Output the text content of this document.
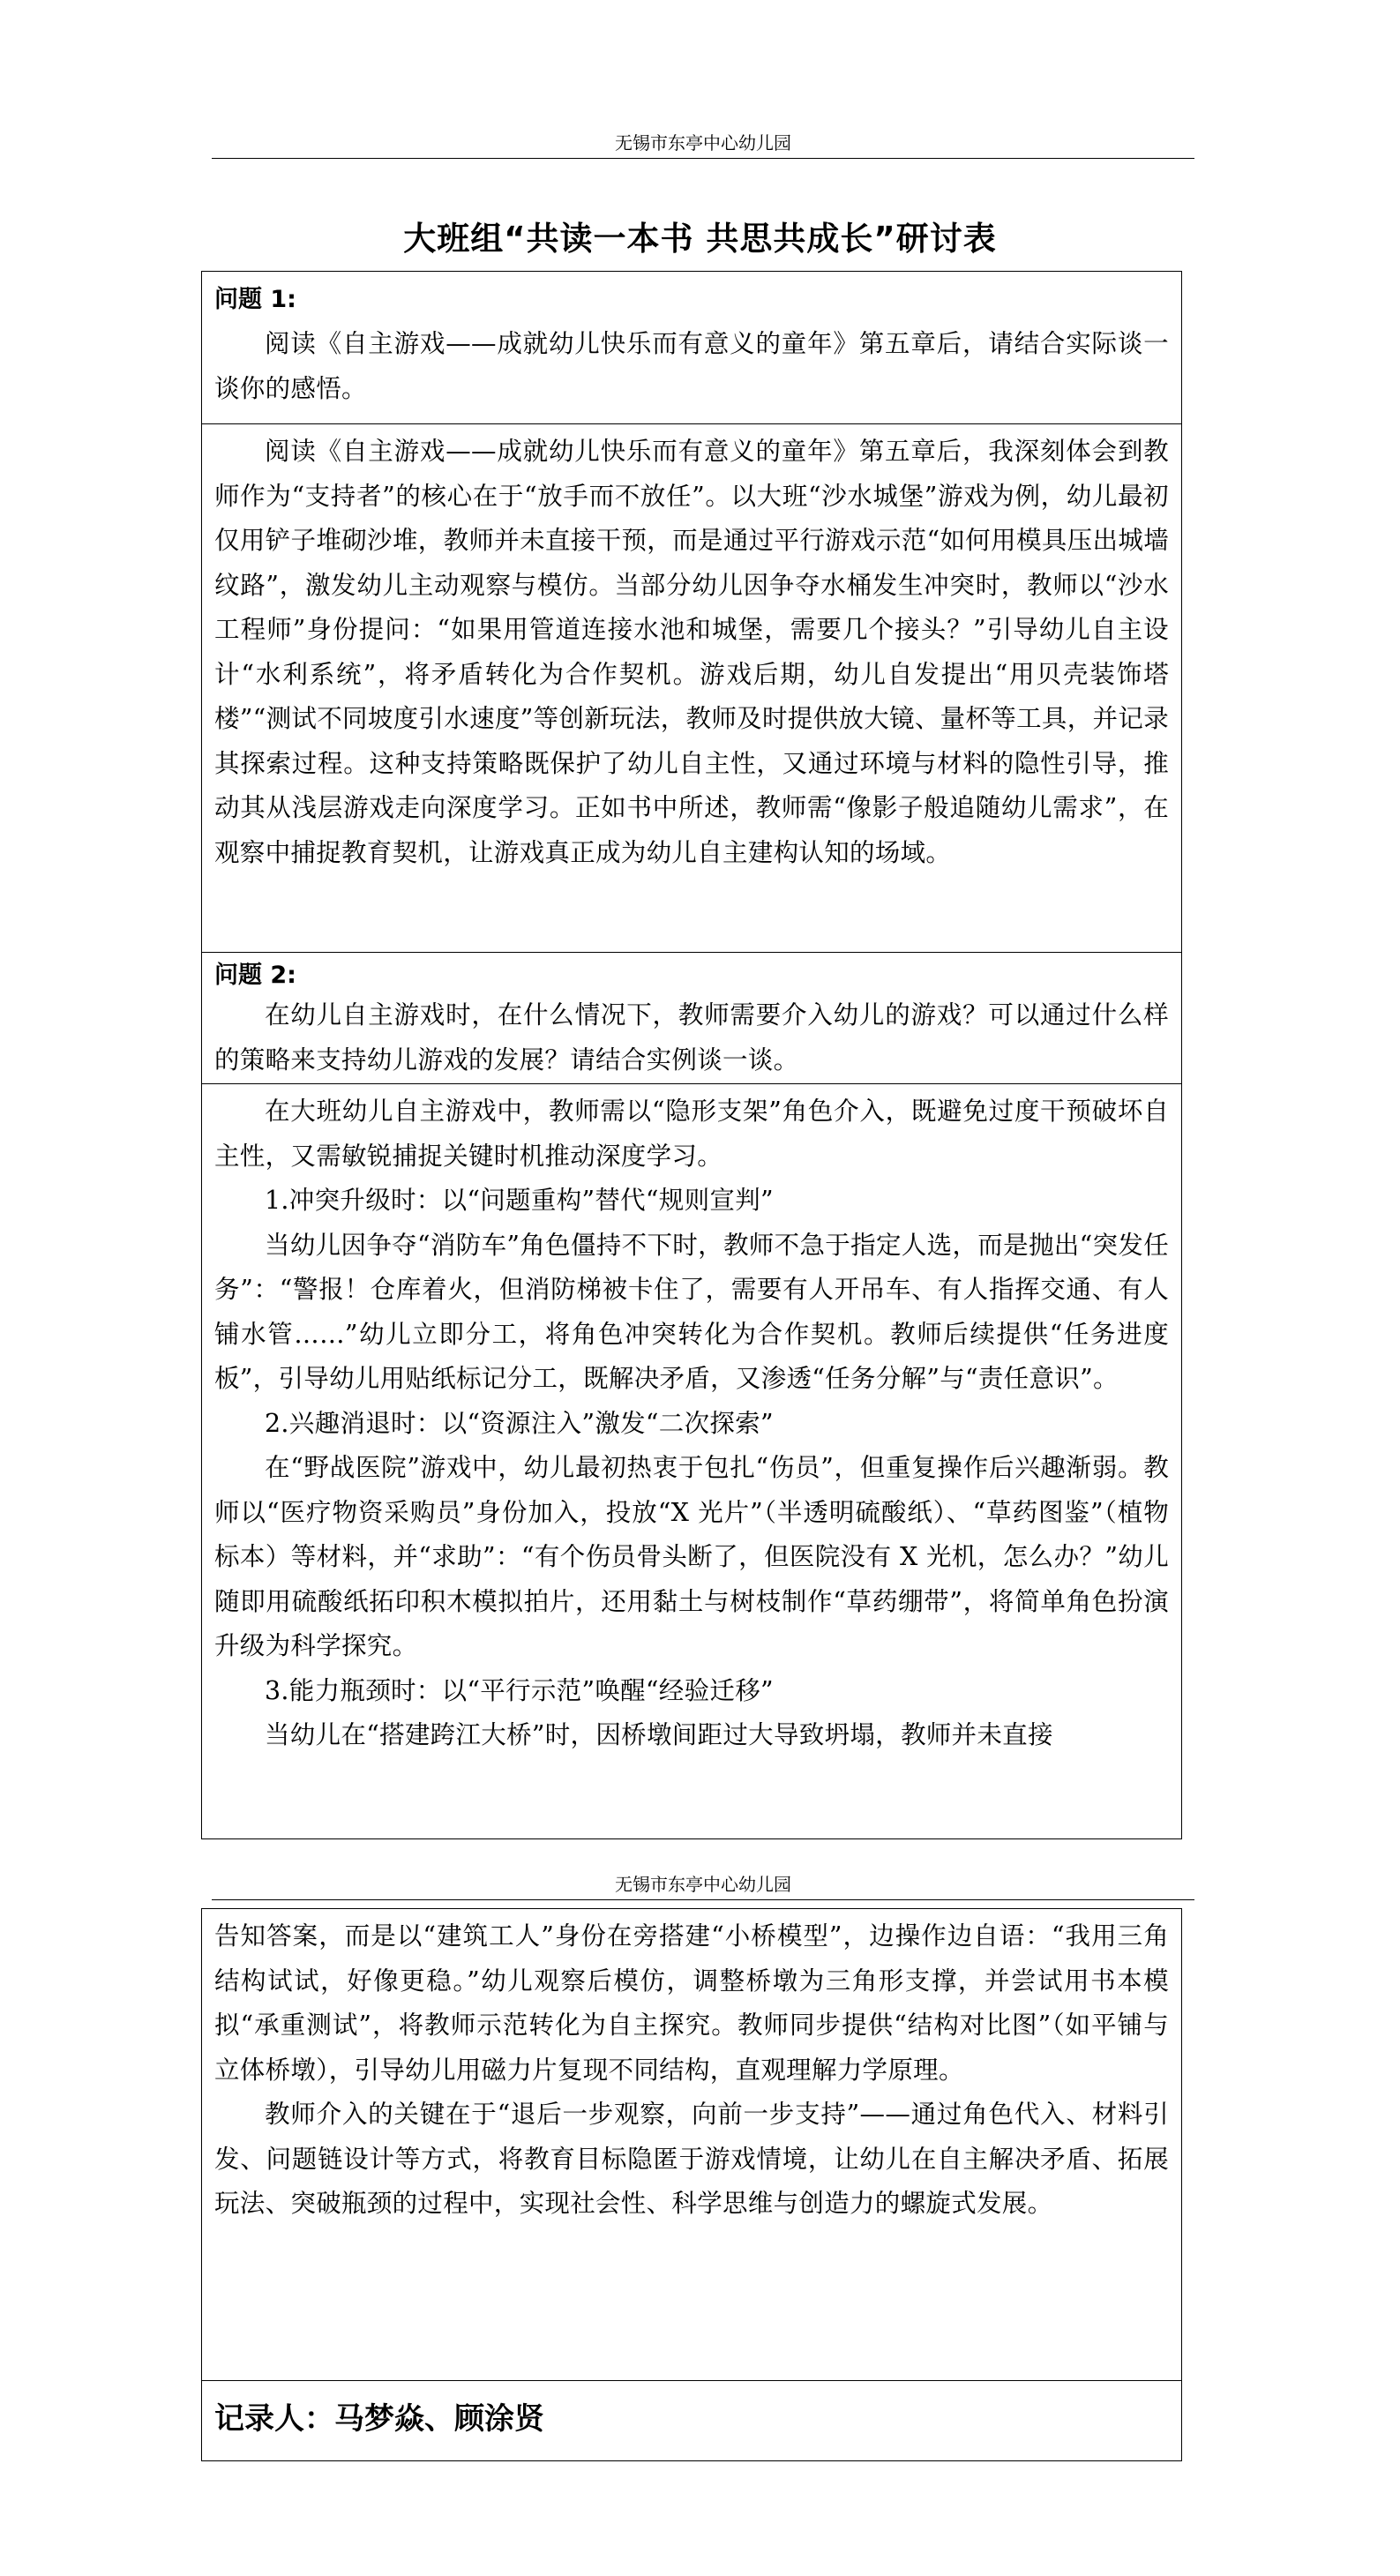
无锡市东亭中心幼儿园
大班组“共读一本书 共思共成长”研讨表
问题 1:

阅读《自主游戏——成就幼儿快乐而有意义的童年》第五章后，请结合实际谈一谈你的感悟。

阅读《自主游戏——成就幼儿快乐而有意义的童年》第五章后，我深刻体会到教师作为“支持者”的核心在于“放手而不放任”。以大班“沙水城堡”游戏为例，幼儿最初仅用铲子堆砌沙堆，教师并未直接干预，而是通过平行游戏示范“如何用模具压出城墙纹路”，激发幼儿主动观察与模仿。当部分幼儿因争夺水桶发生冲突时，教师以“沙水工程师”身份提问：“如果用管道连接水池和城堡，需要几个接头？”引导幼儿自主设计“水利系统”，将矛盾转化为合作契机。游戏后期，幼儿自发提出“用贝壳装饰塔楼”“测试不同坡度引水速度”等创新玩法，教师及时提供放大镜、量杯等工具，并记录其探索过程。这种支持策略既保护了幼儿自主性，又通过环境与材料的隐性引导，推动其从浅层游戏走向深度学习。正如书中所述，教师需“像影子般追随幼儿需求”，在观察中捕捉教育契机，让游戏真正成为幼儿自主建构认知的场域。

问题 2:

在幼儿自主游戏时，在什么情况下，教师需要介入幼儿的游戏？可以通过什么样的策略来支持幼儿游戏的发展？请结合实例谈一谈。

在大班幼儿自主游戏中，教师需以“隐形支架”角色介入，既避免过度干预破坏自主性，又需敏锐捕捉关键时机推动深度学习。

1.冲突升级时：以“问题重构”替代“规则宣判”

当幼儿因争夺“消防车”角色僵持不下时，教师不急于指定人选，而是抛出“突发任务”：“警报！仓库着火，但消防梯被卡住了，需要有人开吊车、有人指挥交通、有人铺水管……”幼儿立即分工，将角色冲突转化为合作契机。教师后续提供“任务进度板”，引导幼儿用贴纸标记分工，既解决矛盾，又渗透“任务分解”与“责任意识”。

2.兴趣消退时：以“资源注入”激发“二次探索”

在“野战医院”游戏中，幼儿最初热衷于包扎“伤员”，但重复操作后兴趣渐弱。教师以“医疗物资采购员”身份加入，投放“X 光片”（半透明硫酸纸）、“草药图鉴”（植物标本）等材料，并“求助”：“有个伤员骨头断了，但医院没有 X 光机，怎么办？”幼儿随即用硫酸纸拓印积木模拟拍片，还用黏土与树枝制作“草药绷带”，将简单角色扮演升级为科学探究。

3.能力瓶颈时：以“平行示范”唤醒“经验迁移”

当幼儿在“搭建跨江大桥”时，因桥墩间距过大导致坍塌，教师并未直接

无锡市东亭中心幼儿园

告知答案，而是以“建筑工人”身份在旁搭建“小桥模型”，边操作边自语：“我用三角结构试试，好像更稳。”幼儿观察后模仿，调整桥墩为三角形支撑，并尝试用书本模拟“承重测试”，将教师示范转化为自主探究。教师同步提供“结构对比图”（如平铺与立体桥墩），引导幼儿用磁力片复现不同结构，直观理解力学原理。

教师介入的关键在于“退后一步观察，向前一步支持”——通过角色代入、材料引发、问题链设计等方式，将教育目标隐匿于游戏情境，让幼儿在自主解决矛盾、拓展玩法、突破瓶颈的过程中，实现社会性、科学思维与创造力的螺旋式发展。

记录人：马梦焱、顾涂贤
